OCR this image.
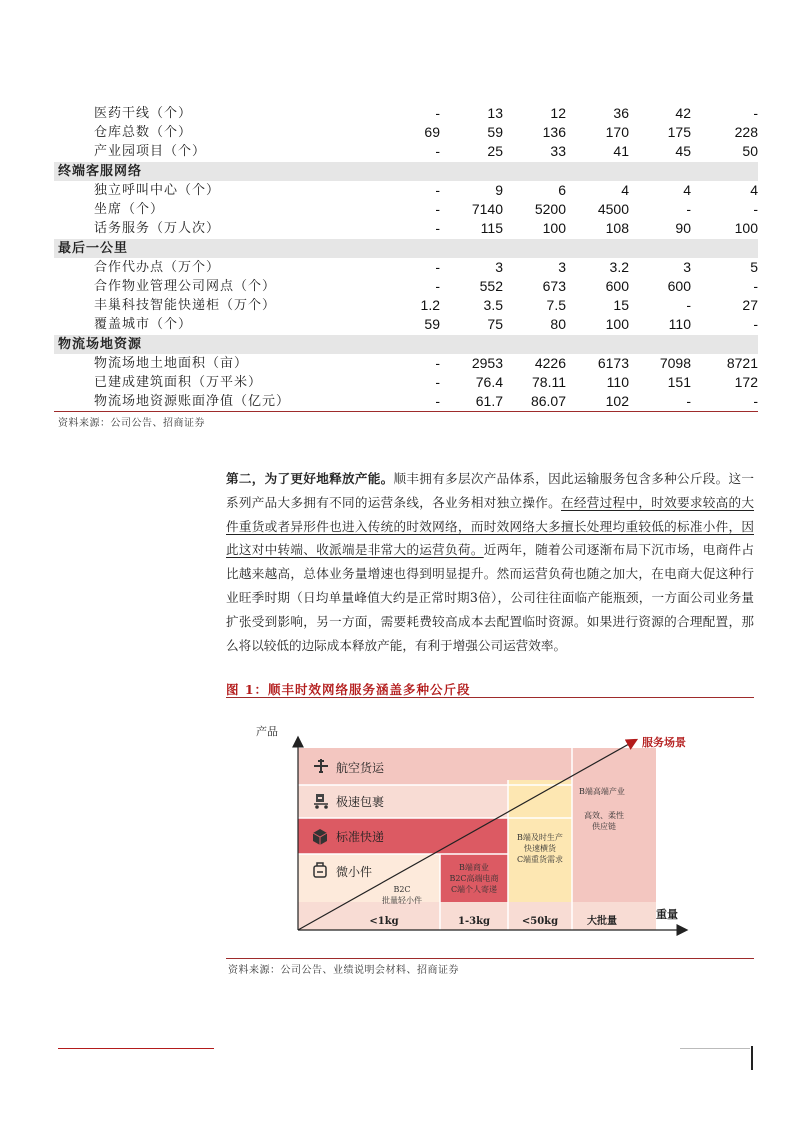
医药干线（个）	-	13	12	36	42	-
仓库总数（个）	69	59	136	170	175	228
产业园项目（个）	-	25	33	41	45	50
终端客服网络						
独立呼叫中心（个）	-	9	6	4	4	4
坐席（个）	-	7140	5200	4500	-	-
话务服务（万人次）	-	115	100	108	90	100
最后一公里						
合作代办点（万个）	-	3	3	3.2	3	5
合作物业管理公司网点（个）	-	552	673	600	600	-
丰巢科技智能快递柜（万个）	1.2	3.5	7.5	15	-	27
覆盖城市（个）	59	75	80	100	110	-
物流场地资源						
物流场地土地面积（亩）	-	2953	4226	6173	7098	8721
已建成建筑面积（万平米）	-	76.4	78.11	110	151	172
物流场地资源账面净值（亿元）	-	61.7	86.07	102	-	-
资料来源：公司公告、招商证券
第二，为了更好地释放产能。顺丰拥有多层次产品体系，因此运输服务包含多种公斤段。这一系列产品大多拥有不同的运营条线，各业务相对独立操作。在经营过程中，时效要求较高的大件重货或者异形件也进入传统的时效网络，而时效网络大多擅长处理均重较低的标准小件，因此这对中转端、收派端是非常大的运营负荷。近两年，随着公司逐渐布局下沉市场，电商件占比越来越高，总体业务量增速也得到明显提升。然而运营负荷也随之加大，在电商大促这种行业旺季时期（日均单量峰值大约是正常时期3倍），公司往往面临产能瓶颈，一方面公司业务量扩张受到影响，另一方面，需要耗费较高成本去配置临时资源。如果进行资源的合理配置，那么将以较低的边际成本释放产能，有利于增强公司运营效率。
图 1：顺丰时效网络服务涵盖多种公斤段
产品
重量
服务场景
航空货运
极速包裹
标准快递
微小件
B2C
批量轻小件
B端商业
B2C高端电商
C端个人寄递
B端及时生产
快速横货
C端重货需求
B端高端产业
高效、柔性
供应链
<1kg	1-3kg	<50kg	大批量
资料来源：公司公告、业绩说明会材料、招商证券
